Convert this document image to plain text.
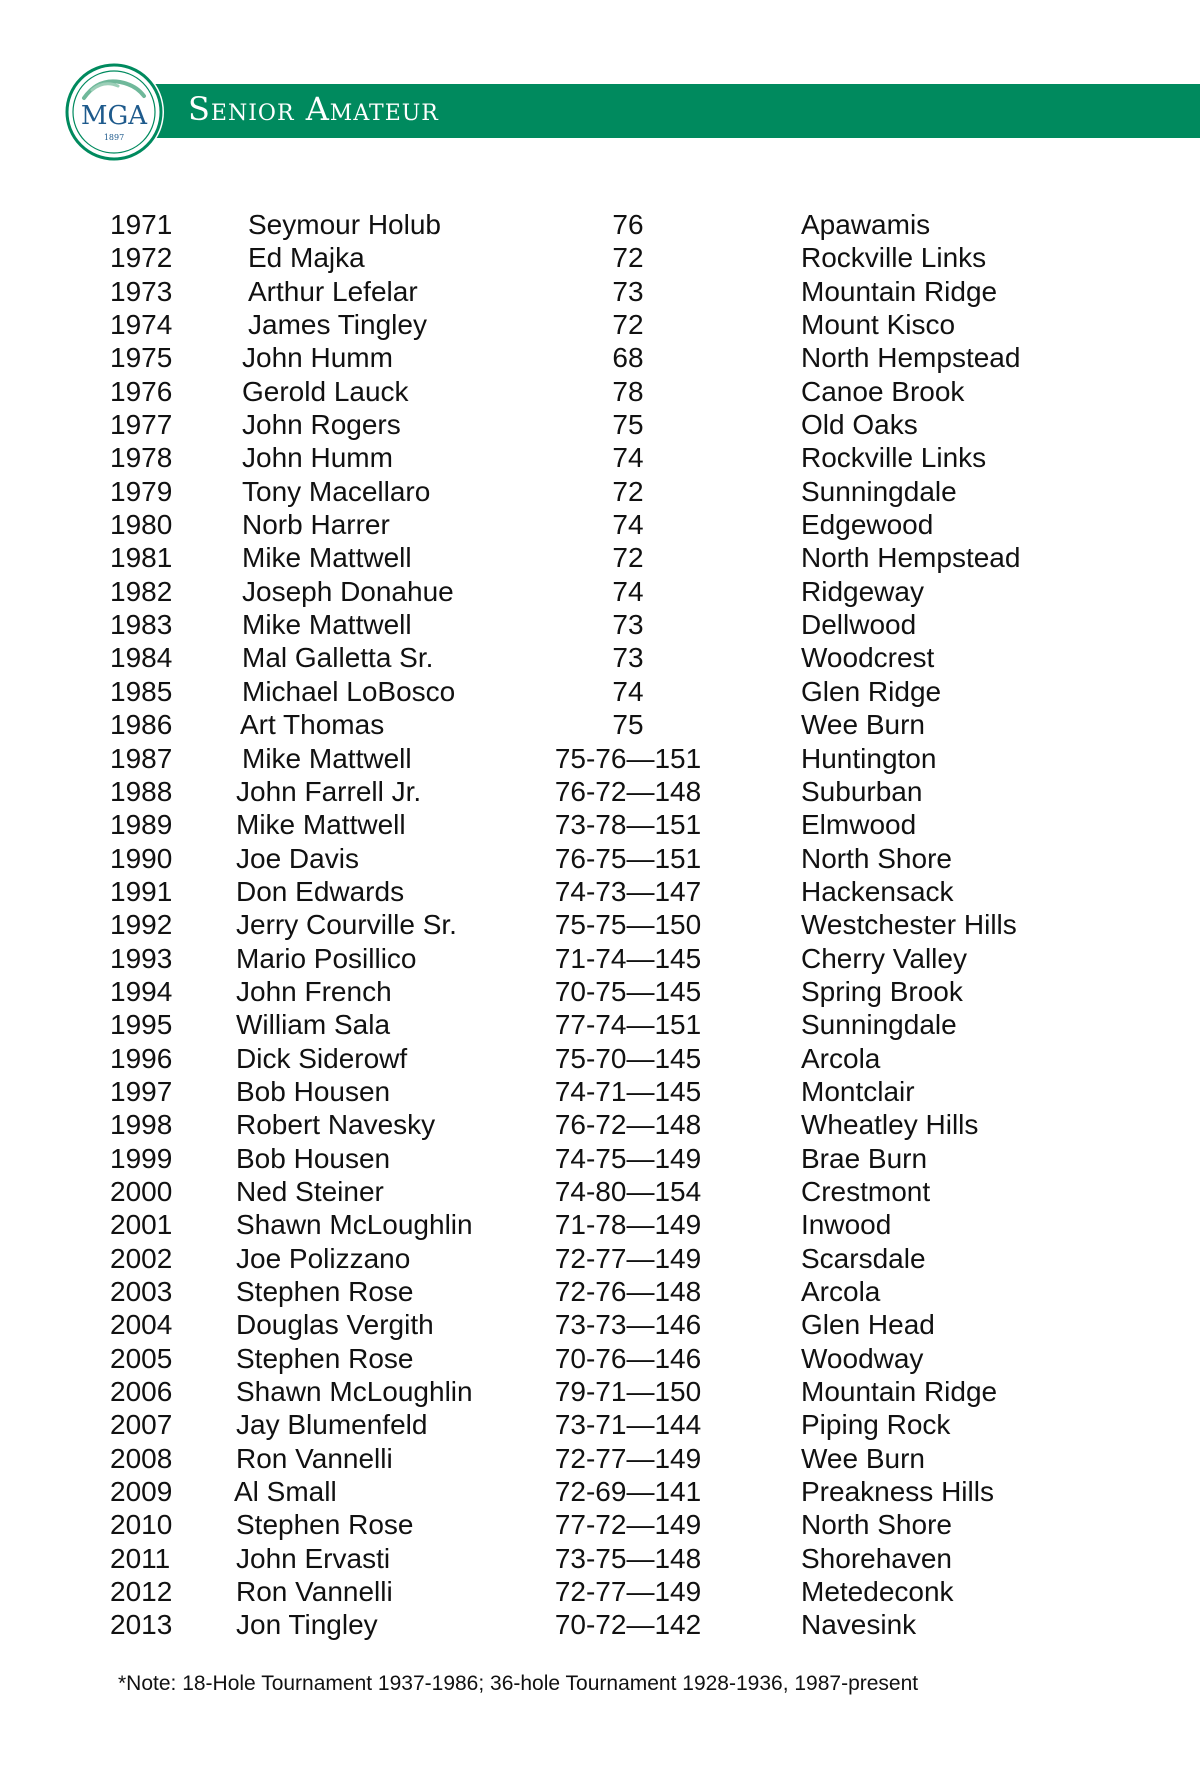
Senior Amateur
MGA
1897
1971	Seymour Holub	76	Apawamis
1972	Ed Majka	72	Rockville Links
1973	Arthur Lefelar	73	Mountain Ridge
1974	James Tingley	72	Mount Kisco
1975 John Humm	68	North Hempstead
1976 Gerold Lauck	78	Canoe Brook
1977 John Rogers	75	Old Oaks
1978 John Humm	74	Rockville Links
1979 Tony Macellaro	72	Sunningdale
1980 Norb Harrer	74	Edgewood
1981 Mike Mattwell	72	North Hempstead
1982 Joseph Donahue	74	Ridgeway
1983 Mike Mattwell	73	Dellwood
1984 Mal Galletta Sr.	73	Woodcrest
1985 Michael LoBosco	74	Glen Ridge
1986 Art Thomas	75	Wee Burn
1987 Mike Mattwell	75-76—151	Huntington
1988 John Farrell Jr.	76-72—148	Suburban
1989 Mike Mattwell	73-78—151	Elmwood
1990 Joe Davis	76-75—151	North Shore
1991 Don Edwards	74-73—147	Hackensack
1992 Jerry Courville Sr.	75-75—150	Westchester Hills
1993 Mario Posillico	71-74—145	Cherry Valley
1994 John French	70-75—145	Spring Brook
1995 William Sala	77-74—151	Sunningdale
1996 Dick Siderowf	75-70—145	Arcola
1997 Bob Housen	74-71—145	Montclair
1998 Robert Navesky	76-72—148	Wheatley Hills
1999 Bob Housen	74-75—149	Brae Burn
2000 Ned Steiner	74-80—154	Crestmont
2001 Shawn McLoughlin	71-78—149	Inwood
2002 Joe Polizzano	72-77—149	Scarsdale
2003 Stephen Rose	72-76—148	Arcola
2004 Douglas Vergith	73-73—146	Glen Head
2005 Stephen Rose	70-76—146	Woodway
2006 Shawn McLoughlin	79-71—150	Mountain Ridge
2007 Jay Blumenfeld	73-71—144	Piping Rock
2008 Ron Vannelli	72-77—149	Wee Burn
2009 Al Small	72-69—141	Preakness Hills
2010 Stephen Rose	77-72—149	North Shore
2011 John Ervasti	73-75—148	Shorehaven
2012 Ron Vannelli	72-77—149	Metedeconk
2013 Jon Tingley	70-72—142	Navesink
*Note: 18-Hole Tournament 1937-1986; 36-hole Tournament 1928-1936, 1987-present
